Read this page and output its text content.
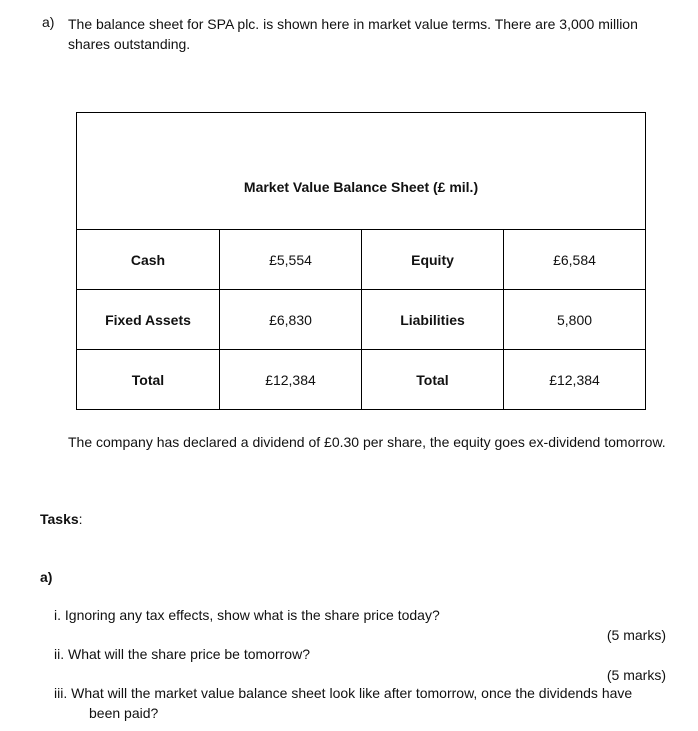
a) The balance sheet for SPA plc. is shown here in market value terms. There are 3,000 million shares outstanding.
Market Value Balance Sheet (£ mil.)			
Cash	£5,554	Equity	£6,584
Fixed Assets	£6,830	Liabilities	5,800
Total	£12,384	Total	£12,384
The company has declared a dividend of £0.30 per share, the equity goes ex-dividend tomorrow.
Tasks:
a)
i. Ignoring any tax effects, show what is the share price today?
(5 marks)
ii. What will the share price be tomorrow?
(5 marks)
iii. What will the market value balance sheet look like after tomorrow, once the dividends have
been paid?
